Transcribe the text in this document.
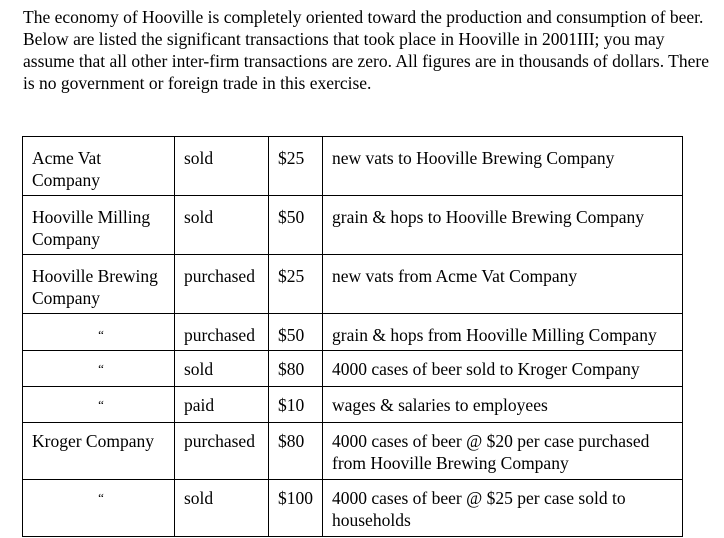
The economy of Hooville is completely oriented toward the production and consumption of beer. Below are listed the significant transactions that took place in Hooville in 2001III; you may assume that all other inter-firm transactions are zero. All figures are in thousands of dollars. There is no government or foreign trade in this exercise.

Acme Vat Company	sold	$25	new vats to Hooville Brewing Company
Hooville Milling Company	sold	$50	grain & hops to Hooville Brewing Company
Hooville Brewing Company	purchased	$25	new vats from Acme Vat Company
“	purchased	$50	grain & hops from Hooville Milling Company
“	sold	$80	4000 cases of beer sold to Kroger Company
“	paid	$10	wages & salaries to employees
Kroger Company	purchased	$80	4000 cases of beer @ $20 per case purchased from Hooville Brewing Company
“	sold	$100	4000 cases of beer @ $25 per case sold to households
